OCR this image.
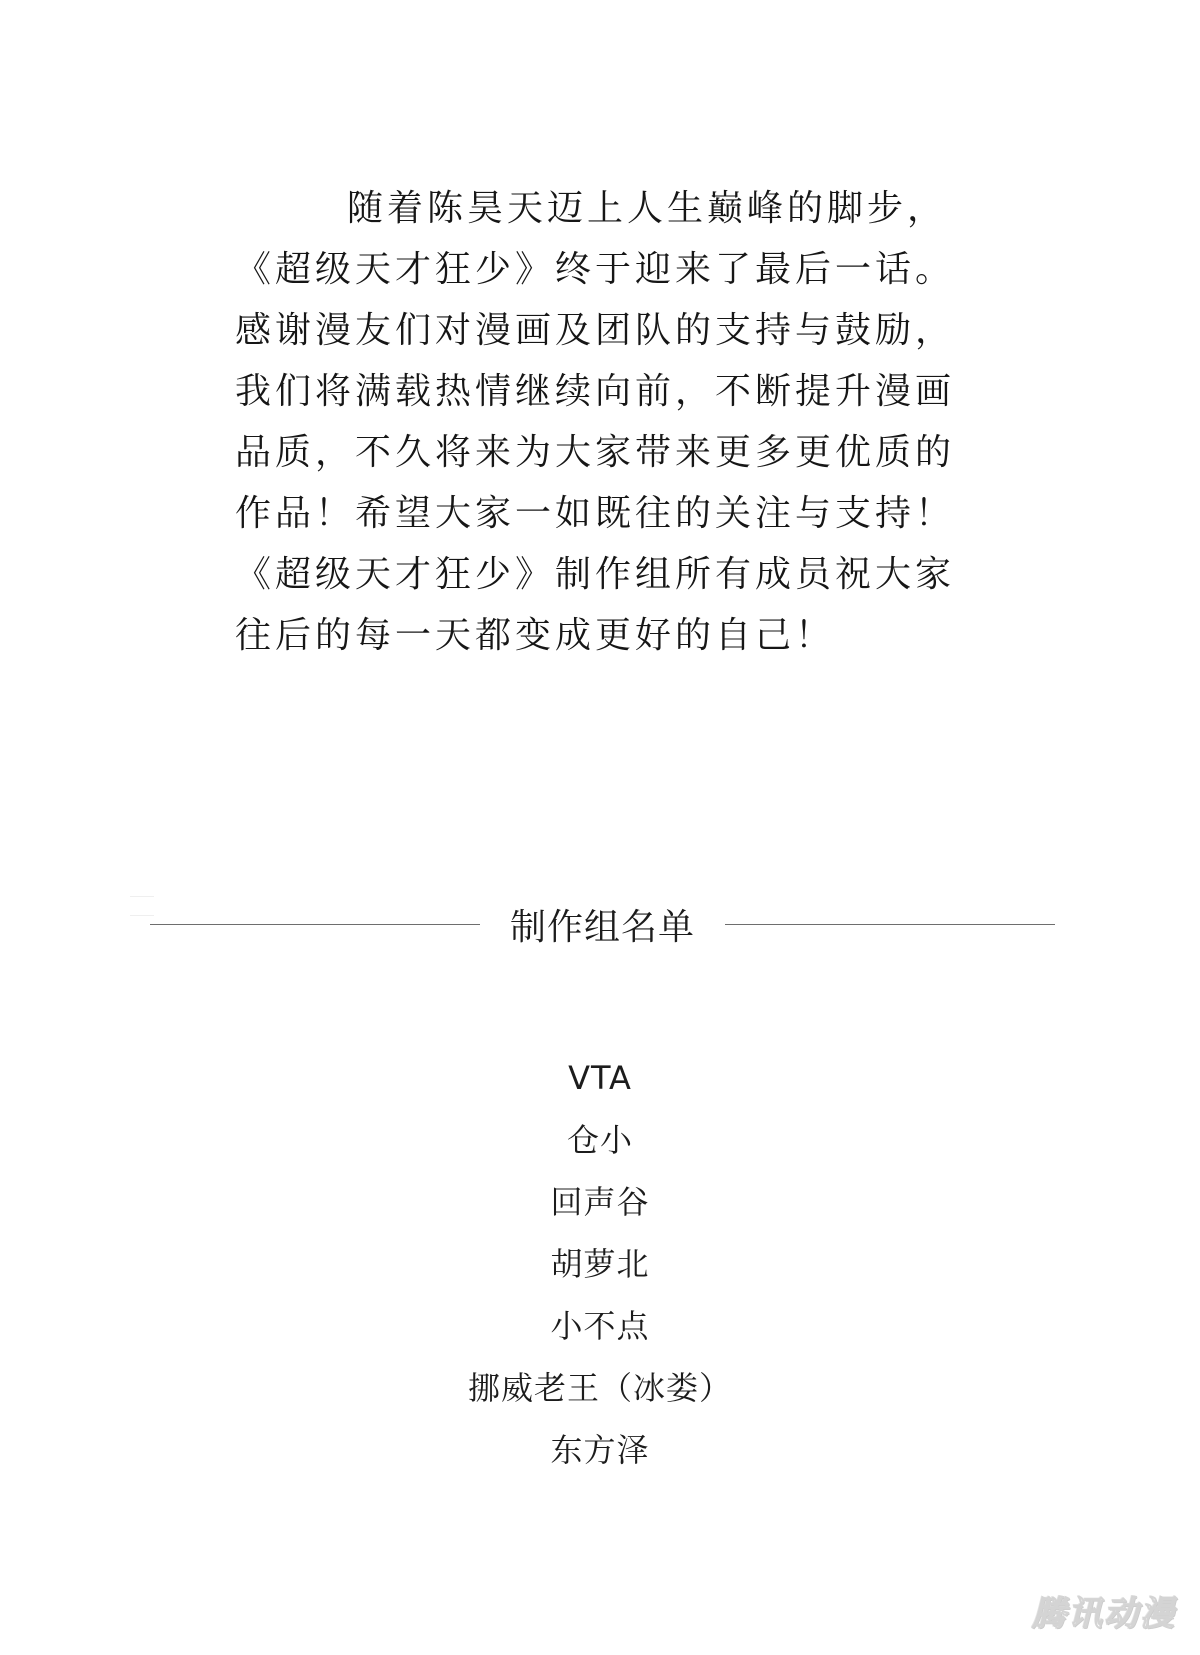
随着陈昊天迈上人生巅峰的脚步，
《超级天才狂少》终于迎来了最后一话。
感谢漫友们对漫画及团队的支持与鼓励，
我们将满载热情继续向前，不断提升漫画
品质，不久将来为大家带来更多更优质的
作品！希望大家一如既往的关注与支持！
《超级天才狂少》制作组所有成员祝大家
往后的每一天都变成更好的自己！
制作组名单
VTA
仓小
回声谷
胡萝北
小不点
挪威老王（冰娄）
东方泽
腾讯动漫
